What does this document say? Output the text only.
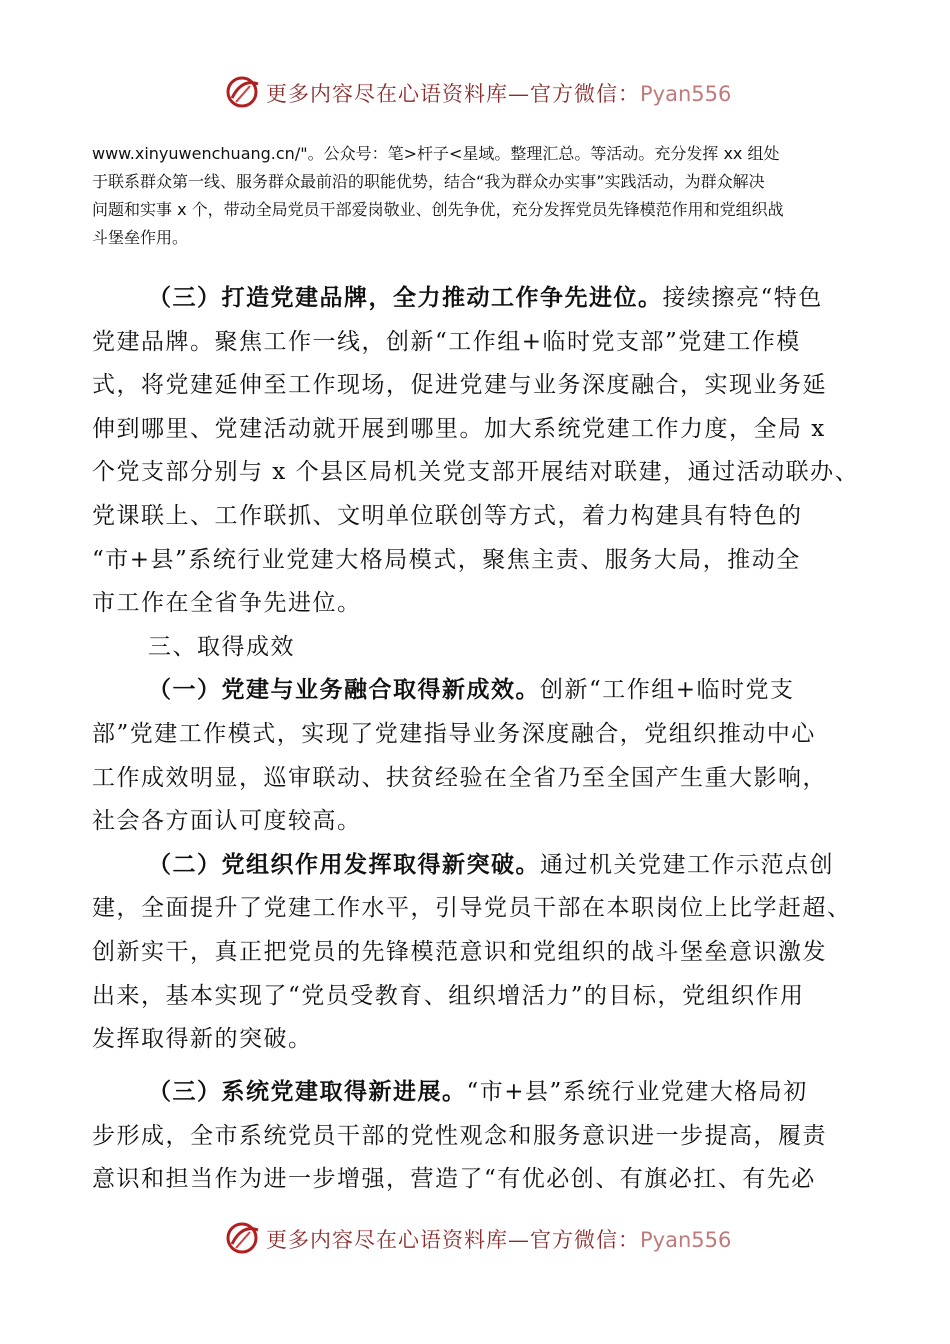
更多内容尽在心语资料库—官方微信：Pyan556

www.xinyuwenchuang.cn/"。公众号：笔>杆子<星域。整理汇总。等活动。充分发挥 xx 组处

于联系群众第一线、服务群众最前沿的职能优势，结合“我为群众办实事”实践活动，为群众解决

问题和实事 x 个，带动全局党员干部爱岗敬业、创先争优，充分发挥党员先锋模范作用和党组织战

斗堡垒作用。

（三）打造党建品牌，全力推动工作争先进位。接续擦亮“特色

党建品牌。聚焦工作一线，创新“工作组+临时党支部”党建工作模

式，将党建延伸至工作现场，促进党建与业务深度融合，实现业务延

伸到哪里、党建活动就开展到哪里。加大系统党建工作力度，全局 x

个党支部分别与 x 个县区局机关党支部开展结对联建，通过活动联办、

党课联上、工作联抓、文明单位联创等方式，着力构建具有特色的

“市+县”系统行业党建大格局模式，聚焦主责、服务大局，推动全

市工作在全省争先进位。

三、取得成效

（一）党建与业务融合取得新成效。创新“工作组+临时党支

部”党建工作模式，实现了党建指导业务深度融合，党组织推动中心

工作成效明显，巡审联动、扶贫经验在全省乃至全国产生重大影响，

社会各方面认可度较高。

（二）党组织作用发挥取得新突破。通过机关党建工作示范点创

建，全面提升了党建工作水平，引导党员干部在本职岗位上比学赶超、

创新实干，真正把党员的先锋模范意识和党组织的战斗堡垒意识激发

出来，基本实现了“党员受教育、组织增活力”的目标，党组织作用

发挥取得新的突破。

（三）系统党建取得新进展。“市+县”系统行业党建大格局初

步形成，全市系统党员干部的党性观念和服务意识进一步提高，履责

意识和担当作为进一步增强，营造了“有优必创、有旗必扛、有先必

更多内容尽在心语资料库—官方微信：Pyan556
